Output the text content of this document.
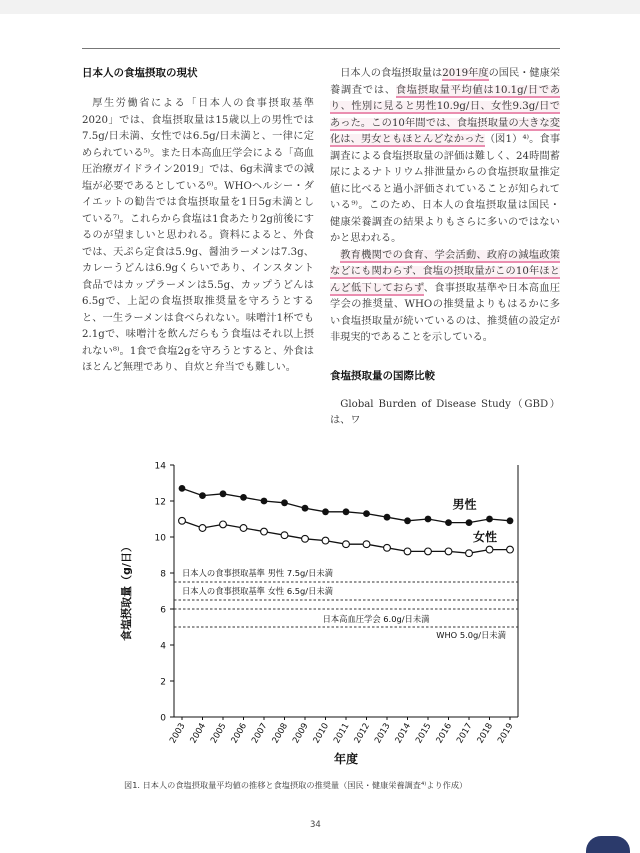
日本人の食塩摂取の現状

厚生労働省による「日本人の食事摂取基準2020」では、食塩摂取量は15歳以上の男性では7.5g/日未満、女性では6.5g/日未満と、一律に定められている⁵⁾。また日本高血圧学会による「高血圧治療ガイドライン2019」では、6g未満までの減塩が必要であるとしている⁶⁾。WHOヘルシー・ダイエットの勧告では食塩摂取量を1日5g未満としている⁷⁾。これらから食塩は1食あたり2g前後にするのが望ましいと思われる。資料によると、外食では、天ぷら定食は5.9g、醤油ラーメンは7.3g、カレーうどんは6.9gくらいであり、インスタント食品ではカップラーメンは5.5g、カップうどんは6.5gで、上記の食塩摂取推奨量を守ろうとすると、一生ラーメンは食べられない。味噌汁1杯でも2.1gで、味噌汁を飲んだらもう食塩はそれ以上摂れない⁸⁾。1食で食塩2gを守ろうとすると、外食はほとんど無理であり、自炊と弁当でも難しい。

日本人の食塩摂取量は2019年度の国民・健康栄養調査では、食塩摂取量平均値は10.1g/日であり、性別に見ると男性10.9g/日、女性9.3g/日であった。この10年間では、食塩摂取量の大きな変化は、男女ともほとんどなかった（図1）⁴⁾。食事調査による食塩摂取量の評価は難しく、24時間蓄尿によるナトリウム排泄量からの食塩摂取量推定値に比べると過小評価されていることが知られている⁹⁾。このため、日本人の食塩摂取量は国民・健康栄養調査の結果よりもさらに多いのではないかと思われる。

教育機関での食育、学会活動、政府の減塩政策などにも関わらず、食塩の摂取量がこの10年ほとんど低下しておらず、食事摂取基準や日本高血圧学会の推奨量、WHOの推奨量よりもはるかに多い食塩摂取量が続いているのは、推奨値の設定が非現実的であることを示している。

食塩摂取量の国際比較

Global Burden of Disease Study（GBD）は、ワ

0
2
4
6
8
10
12
14
2003 2004 2005 2006 2007 2008 2009 2010 2011 2012 2013 2014 2015 2016 2017 2018 2019
日本人の食事摂取基準 男性 7.5g/日未満
日本人の食事摂取基準 女性 6.5g/日未満
日本高血圧学会 6.0g/日未満
WHO 5.0g/日未満
男性
女性
食塩摂取量（g/日）
年度
図1. 日本人の食塩摂取量平均値の推移と食塩摂取の推奨量（国民・健康栄養調査⁴⁾より作成）
34
